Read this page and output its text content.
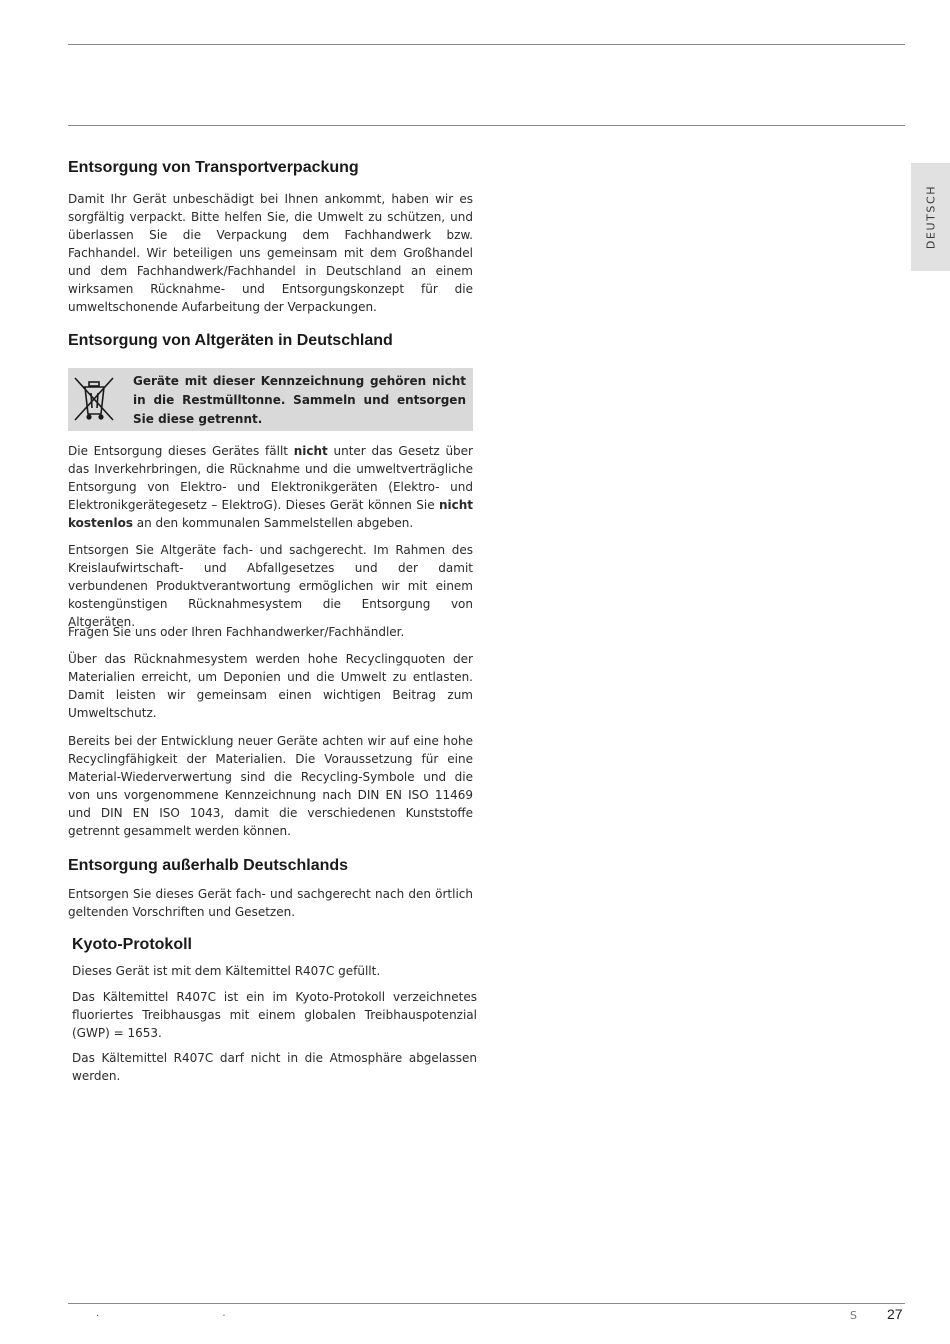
DEUTSCH
Entsorgung von Transportverpackung

Damit Ihr Gerät unbeschädigt bei Ihnen ankommt, haben wir es sorgfältig verpackt. Bitte helfen Sie, die Umwelt zu schützen, und überlassen Sie die Verpackung dem Fachhandwerk bzw. Fachhandel. Wir beteiligen uns gemeinsam mit dem Großhandel und dem Fachhandwerk/Fachhandel in Deutschland an einem wirksamen Rücknahme- und Entsorgungskonzept für die umweltschonende Aufarbeitung der Verpackungen.

Entsorgung von Altgeräten in Deutschland

Geräte mit dieser Kennzeichnung gehören nicht in die Restmülltonne. Sammeln und entsorgen Sie diese getrennt.

Die Entsorgung dieses Gerätes fällt nicht unter das Gesetz über das Inverkehrbringen, die Rücknahme und die umweltverträgliche Entsorgung von Elektro- und Elektronikgeräten (Elektro- und Elektronikgerätegesetz – ElektroG). Dieses Gerät können Sie nicht kostenlos an den kommunalen Sammelstellen abgeben.

Entsorgen Sie Altgeräte fach- und sachgerecht. Im Rahmen des Kreislaufwirtschaft- und Abfallgesetzes und der damit verbundenen Produktverantwortung ermöglichen wir mit einem kostengünstigen Rücknahmesystem die Entsorgung von Altgeräten.

Fragen Sie uns oder Ihren Fachhandwerker/Fachhändler.

Über das Rücknahmesystem werden hohe Recyclingquoten der Materialien erreicht, um Deponien und die Umwelt zu entlasten. Damit leisten wir gemeinsam einen wichtigen Beitrag zum Umweltschutz.

Bereits bei der Entwicklung neuer Geräte achten wir auf eine hohe Recyclingfähigkeit der Materialien. Die Voraussetzung für eine Material-Wiederverwertung sind die Recycling-Symbole und die von uns vorgenommene Kennzeichnung nach DIN EN ISO 11469 und DIN EN ISO 1043, damit die verschiedenen Kunststoffe getrennt gesammelt werden können.

Entsorgung außerhalb Deutschlands

Entsorgen Sie dieses Gerät fach- und sachgerecht nach den örtlich geltenden Vorschriften und Gesetzen.

Kyoto-Protokoll

Dieses Gerät ist mit dem Kältemittel R407C gefüllt.

Das Kältemittel R407C ist ein im Kyoto-Protokoll verzeichnetes fluoriertes Treibhausgas mit einem globalen Treibhauspotenzial (GWP) = 1653.

Das Kältemittel R407C darf nicht in die Atmosphäre abgelassen werden.

.	.	S 27
